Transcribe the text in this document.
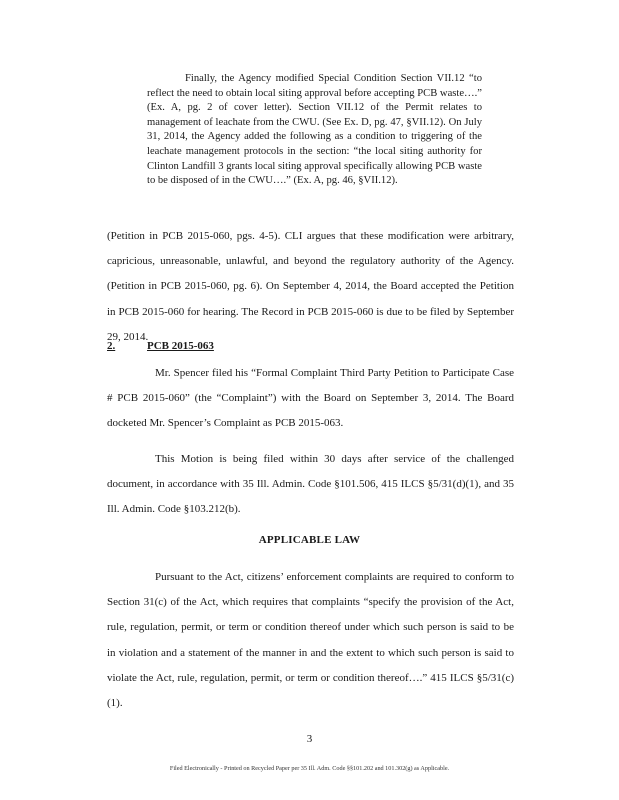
Finally, the Agency modified Special Condition Section VII.12 “to reflect the need to obtain local siting approval before accepting PCB waste….” (Ex. A, pg. 2 of cover letter). Section VII.12 of the Permit relates to management of leachate from the CWU. (See Ex. D, pg. 47, §VII.12). On July 31, 2014, the Agency added the following as a condition to triggering of the leachate management protocols in the section: “the local siting authority for Clinton Landfill 3 grants local siting approval specifically allowing PCB waste to be disposed of in the CWU….” (Ex. A, pg. 46, §VII.12).

(Petition in PCB 2015-060, pgs. 4-5). CLI argues that these modification were arbitrary, capricious, unreasonable, unlawful, and beyond the regulatory authority of the Agency. (Petition in PCB 2015-060, pg. 6). On September 4, 2014, the Board accepted the Petition in PCB 2015-060 for hearing. The Record in PCB 2015-060 is due to be filed by September 29, 2014.

2.	PCB 2015-063

Mr. Spencer filed his “Formal Complaint Third Party Petition to Participate Case # PCB 2015-060” (the “Complaint”) with the Board on September 3, 2014. The Board docketed Mr. Spencer’s Complaint as PCB 2015-063.

This Motion is being filed within 30 days after service of the challenged document, in accordance with 35 Ill. Admin. Code §101.506, 415 ILCS §5/31(d)(1), and 35 Ill. Admin. Code §103.212(b).

APPLICABLE LAW

Pursuant to the Act, citizens’ enforcement complaints are required to conform to Section 31(c) of the Act, which requires that complaints “specify the provision of the Act, rule, regulation, permit, or term or condition thereof under which such person is said to be in violation and a statement of the manner in and the extent to which such person is said to violate the Act, rule, regulation, permit, or term or condition thereof….” 415 ILCS §5/31(c)(1).

3

Filed Electronically - Printed on Recycled Paper per 35 Ill. Adm. Code §§101.202 and 101.302(g) as Applicable.
